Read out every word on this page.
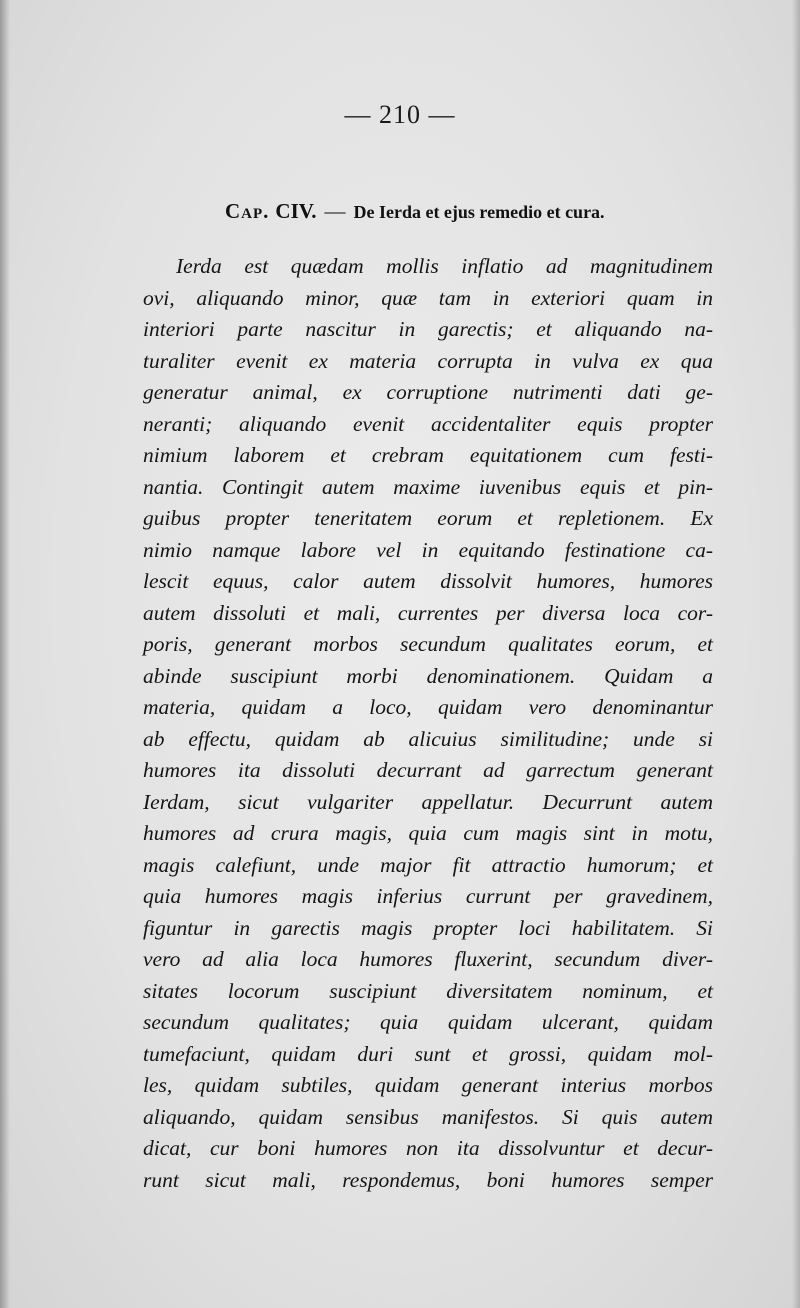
— 210 —
Cap. CIV. — De Ierda et ejus remedio et cura.
Ierda est quædam mollis inflatio ad magnitudinem
ovi, aliquando minor, quæ tam in exteriori quam in
interiori parte nascitur in garectis; et aliquando na-
turaliter evenit ex materia corrupta in vulva ex qua
generatur animal, ex corruptione nutrimenti dati ge-
neranti; aliquando evenit accidentaliter equis propter
nimium laborem et crebram equitationem cum festi-
nantia. Contingit autem maxime iuvenibus equis et pin-
guibus propter teneritatem eorum et repletionem. Ex
nimio namque labore vel in equitando festinatione ca-
lescit equus, calor autem dissolvit humores, humores
autem dissoluti et mali, currentes per diversa loca cor-
poris, generant morbos secundum qualitates eorum, et
abinde suscipiunt morbi denominationem. Quidam a
materia, quidam a loco, quidam vero denominantur
ab effectu, quidam ab alicuius similitudine; unde si
humores ita dissoluti decurrant ad garrectum generant
Ierdam, sicut vulgariter appellatur. Decurrunt autem
humores ad crura magis, quia cum magis sint in motu,
magis calefiunt, unde major fit attractio humorum; et
quia humores magis inferius currunt per gravedinem,
figuntur in garectis magis propter loci habilitatem. Si
vero ad alia loca humores fluxerint, secundum diver-
sitates locorum suscipiunt diversitatem nominum, et
secundum qualitates; quia quidam ulcerant, quidam
tumefaciunt, quidam duri sunt et grossi, quidam mol-
les, quidam subtiles, quidam generant interius morbos
aliquando, quidam sensibus manifestos. Si quis autem
dicat, cur boni humores non ita dissolvuntur et decur-
runt sicut mali, respondemus, boni humores semper
